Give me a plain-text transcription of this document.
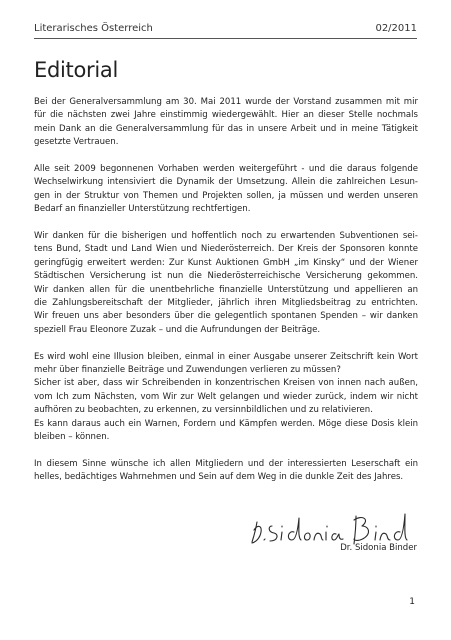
Literarisches Österreich	02/2011
Editorial

Bei der Generalversammlung am 30. Mai 2011 wurde der Vorstand zusammen mit mir
für die nächsten zwei Jahre einstimmig wiedergewählt. Hier an dieser Stelle nochmals
mein Dank an die Generalversammlung für das in unsere Arbeit und in meine Tätigkeit
gesetzte Vertrauen.

Alle seit 2009 begonnenen Vorhaben werden weitergeführt - und die daraus folgende
Wechselwirkung intensiviert die Dynamik der Umsetzung. Allein die zahlreichen Lesun-
gen in der Struktur von Themen und Projekten sollen, ja müssen und werden unseren
Bedarf an finanzieller Unterstützung rechtfertigen.

Wir danken für die bisherigen und hoffentlich noch zu erwartenden Subventionen sei-
tens Bund, Stadt und Land Wien und Niederösterreich. Der Kreis der Sponsoren konnte
geringfügig erweitert werden: Zur Kunst Auktionen GmbH „im Kinsky“ und der Wiener
Städtischen Versicherung ist nun die Niederösterreichische Versicherung gekommen.
Wir danken allen für die unentbehrliche finanzielle Unterstützung und appellieren an
die Zahlungsbereitschaft der Mitglieder, jährlich ihren Mitgliedsbeitrag zu entrichten.
Wir freuen uns aber besonders über die gelegentlich spontanen Spenden – wir danken
speziell Frau Eleonore Zuzak – und die Aufrundungen der Beiträge.

Es wird wohl eine Illusion bleiben, einmal in einer Ausgabe unserer Zeitschrift kein Wort
mehr über finanzielle Beiträge und Zuwendungen verlieren zu müssen?
Sicher ist aber, dass wir Schreibenden in konzentrischen Kreisen von innen nach außen,
vom Ich zum Nächsten, vom Wir zur Welt gelangen und wieder zurück, indem wir nicht
aufhören zu beobachten, zu erkennen, zu versinnbildlichen und zu relativieren.
Es kann daraus auch ein Warnen, Fordern und Kämpfen werden. Möge diese Dosis klein
bleiben – können.

In diesem Sinne wünsche ich allen Mitgliedern und der interessierten Leserschaft ein
helles, bedächtiges Wahrnehmen und Sein auf dem Weg in die dunkle Zeit des Jahres.

Dr. Sidonia Binder
1
